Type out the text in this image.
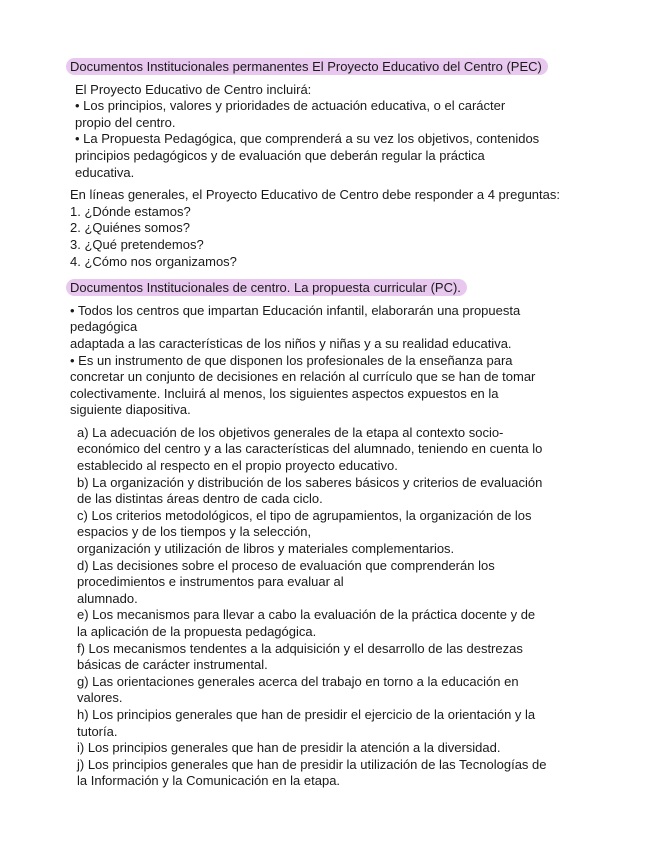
Documentos Institucionales permanentes El Proyecto Educativo del Centro (PEC)
El Proyecto Educativo de Centro incluirá:
• Los principios, valores y prioridades de actuación educativa, o el carácter
propio del centro.
• La Propuesta Pedagógica, que comprenderá a su vez los objetivos, contenidos
principios pedagógicos y de evaluación que deberán regular la práctica
educativa.
En líneas generales, el Proyecto Educativo de Centro debe responder a 4 preguntas:
1. ¿Dónde estamos?
2. ¿Quiénes somos?
3. ¿Qué pretendemos?
4. ¿Cómo nos organizamos?
Documentos Institucionales de centro. La propuesta curricular (PC).
• Todos los centros que impartan Educación infantil, elaborarán una propuesta
pedagógica
adaptada a las características de los niños y niñas y a su realidad educativa.
• Es un instrumento de que disponen los profesionales de la enseñanza para
concretar un conjunto de decisiones en relación al currículo que se han de tomar
colectivamente. Incluirá al menos, los siguientes aspectos expuestos en la
siguiente diapositiva.
a) La adecuación de los objetivos generales de la etapa al contexto socio-
económico del centro y a las características del alumnado, teniendo en cuenta lo
establecido al respecto en el propio proyecto educativo.
b) La organización y distribución de los saberes básicos y criterios de evaluación
de las distintas áreas dentro de cada ciclo.
c) Los criterios metodológicos, el tipo de agrupamientos, la organización de los
espacios y de los tiempos y la selección,
organización y utilización de libros y materiales complementarios.
d) Las decisiones sobre el proceso de evaluación que comprenderán los
procedimientos e instrumentos para evaluar al
alumnado.
e) Los mecanismos para llevar a cabo la evaluación de la práctica docente y de
la aplicación de la propuesta pedagógica.
f) Los mecanismos tendentes a la adquisición y el desarrollo de las destrezas
básicas de carácter instrumental.
g) Las orientaciones generales acerca del trabajo en torno a la educación en
valores.
h) Los principios generales que han de presidir el ejercicio de la orientación y la
tutoría.
i) Los principios generales que han de presidir la atención a la diversidad.
j) Los principios generales que han de presidir la utilización de las Tecnologías de
la Información y la Comunicación en la etapa.
